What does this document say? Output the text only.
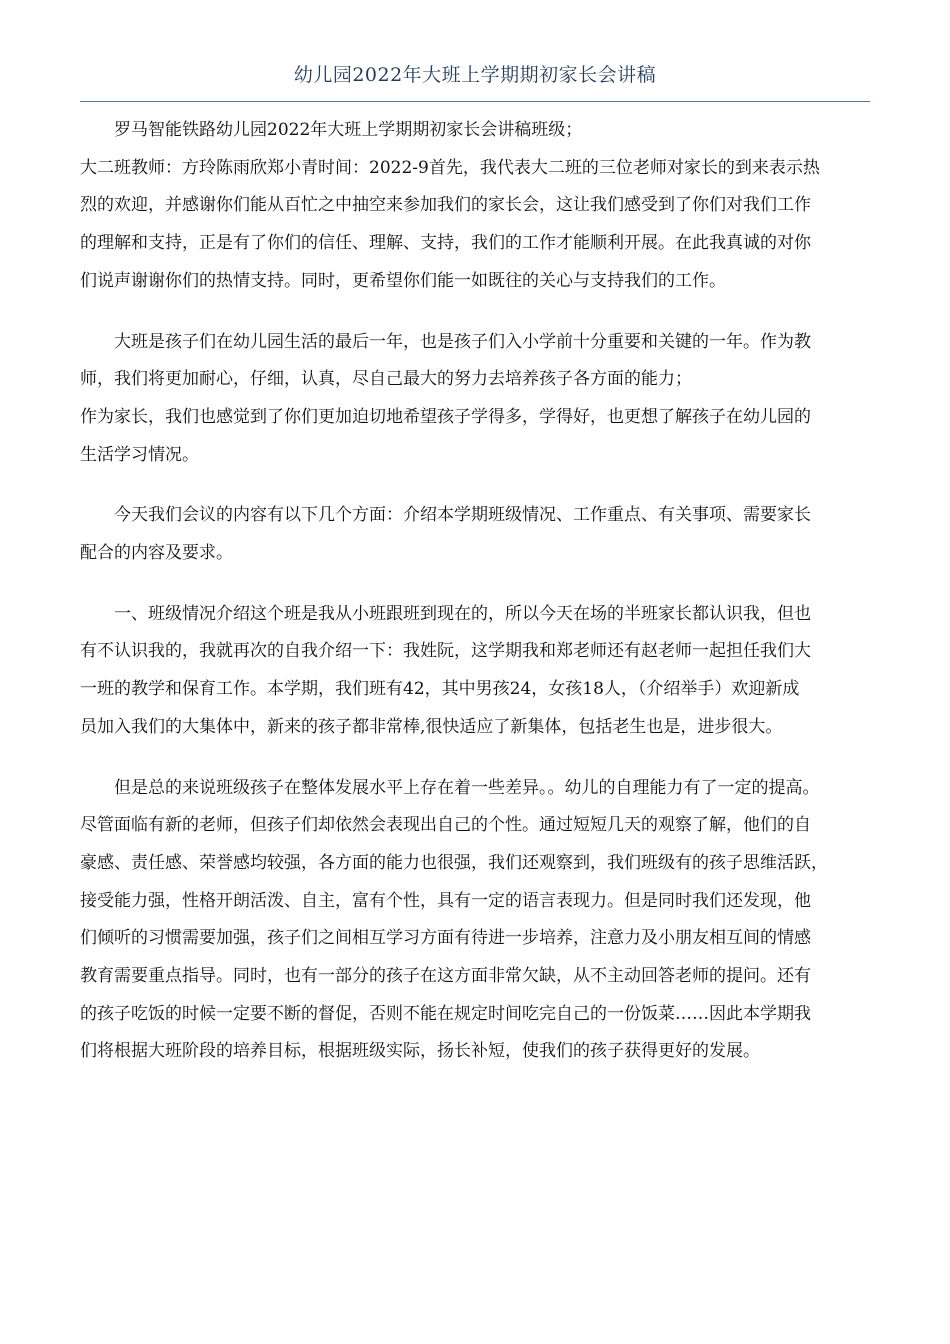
幼儿园2022年大班上学期期初家长会讲稿

罗马智能铁路幼儿园2022年大班上学期期初家长会讲稿班级；

大二班教师：方玲陈雨欣郑小青时间：2022-9首先，我代表大二班的三位老师对家长的到来表示热

烈的欢迎，并感谢你们能从百忙之中抽空来参加我们的家长会，这让我们感受到了你们对我们工作

的理解和支持，正是有了你们的信任、理解、支持，我们的工作才能顺利开展。在此我真诚的对你

们说声谢谢你们的热情支持。同时，更希望你们能一如既往的关心与支持我们的工作。

大班是孩子们在幼儿园生活的最后一年，也是孩子们入小学前十分重要和关键的一年。作为教

师，我们将更加耐心，仔细，认真，尽自己最大的努力去培养孩子各方面的能力；

作为家长，我们也感觉到了你们更加迫切地希望孩子学得多，学得好，也更想了解孩子在幼儿园的

生活学习情况。

今天我们会议的内容有以下几个方面：介绍本学期班级情况、工作重点、有关事项、需要家长

配合的内容及要求。

一、班级情况介绍这个班是我从小班跟班到现在的，所以今天在场的半班家长都认识我，但也

有不认识我的，我就再次的自我介绍一下：我姓阮，这学期我和郑老师还有赵老师一起担任我们大

一班的教学和保育工作。本学期，我们班有42，其中男孩24，女孩18人，（介绍举手）欢迎新成

员加入我们的大集体中，新来的孩子都非常棒,很快适应了新集体，包括老生也是，进步很大。

但是总的来说班级孩子在整体发展水平上存在着一些差异。。幼儿的自理能力有了一定的提高。

尽管面临有新的老师，但孩子们却依然会表现出自己的个性。通过短短几天的观察了解，他们的自

豪感、责任感、荣誉感均较强，各方面的能力也很强，我们还观察到，我们班级有的孩子思维活跃，

接受能力强，性格开朗活泼、自主，富有个性，具有一定的语言表现力。但是同时我们还发现，他

们倾听的习惯需要加强，孩子们之间相互学习方面有待进一步培养，注意力及小朋友相互间的情感

教育需要重点指导。同时，也有一部分的孩子在这方面非常欠缺，从不主动回答老师的提问。还有

的孩子吃饭的时候一定要不断的督促，否则不能在规定时间吃完自己的一份饭菜……因此本学期我

们将根据大班阶段的培养目标，根据班级实际，扬长补短，使我们的孩子获得更好的发展。
